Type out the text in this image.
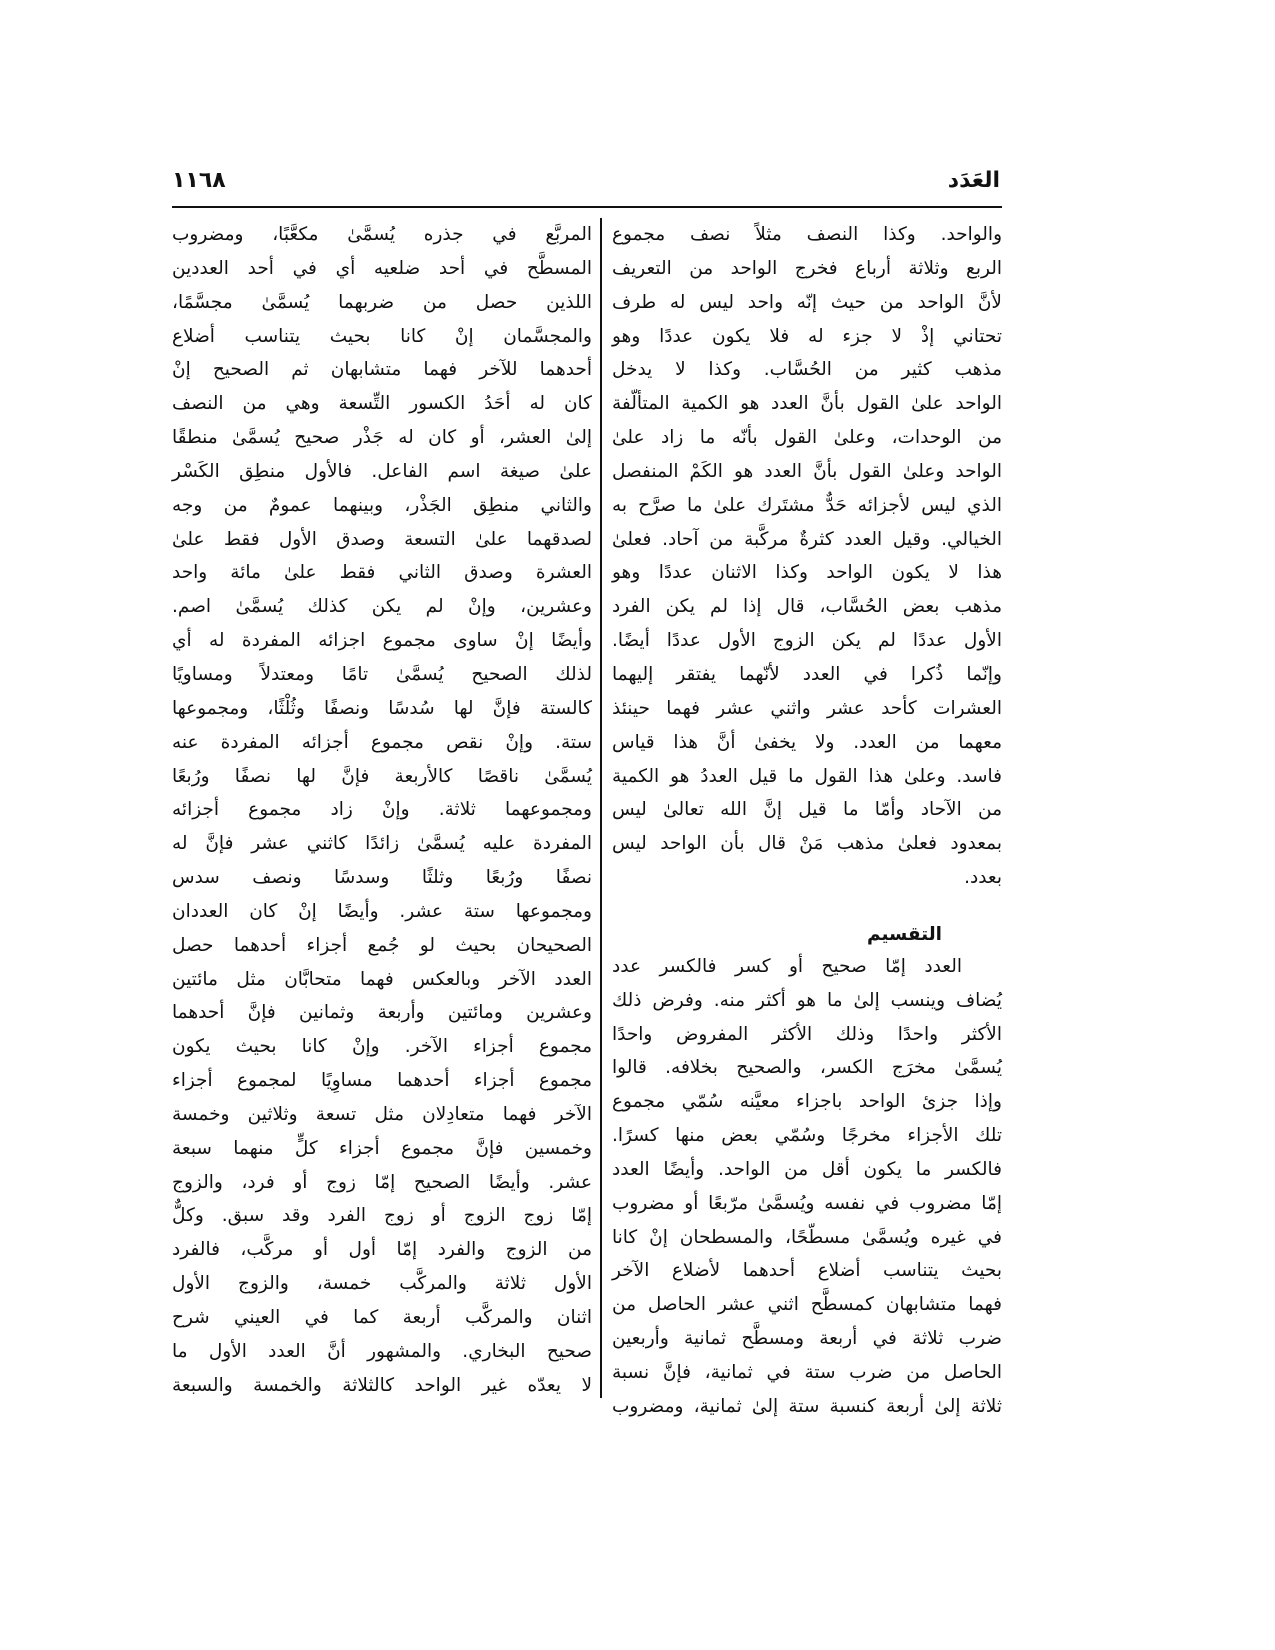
العَدَد
١١٦٨
والواحد. وكذا النصف مثلاً نصف مجموع
الربع وثلاثة أرباع فخرج الواحد من التعريف
لأنَّ الواحد من حيث إنّه واحد ليس له طرف
تحتاني إذْ لا جزء له فلا يكون عددًا وهو
مذهب كثير من الحُسَّاب. وكذا لا يدخل
الواحد علىٰ القول بأنَّ العدد هو الكمية المتألّفة
من الوحدات، وعلىٰ القول بأنّه ما زاد علىٰ
الواحد وعلىٰ القول بأنَّ العدد هو الكَمْ المنفصل
الذي ليس لأجزائه حَدٌّ مشتَرك علىٰ ما صرَّح به
الخيالي. وقيل العدد كثرةٌ مركَّبة من آحاد. فعلىٰ
هذا لا يكون الواحد وكذا الاثنان عددًا وهو
مذهب بعض الحُسَّاب، قال إذا لم يكن الفرد
الأول عددًا لم يكن الزوج الأول عددًا أيضًا.
وإنّما ذُكرا في العدد لأنّهما يفتقر إليهما
العشرات كأحد عشر واثني عشر فهما حينئذ
معهما من العدد. ولا يخفىٰ أنَّ هذا قياس
فاسد. وعلىٰ هذا القول ما قيل العددُ هو الكمية
من الآحاد وأمّا ما قيل إنَّ الله تعالىٰ ليس
بمعدود فعلىٰ مذهب مَنْ قال بأن الواحد ليس
بعدد.
التقسيم
العدد إمّا صحيح أو كسر فالكسر عدد
يُضاف وينسب إلىٰ ما هو أكثر منه. وفرض ذلك
الأكثر واحدًا وذلك الأكثر المفروض واحدًا
يُسمَّىٰ مخرَج الكسر، والصحيح بخلافه. قالوا
وإذا جزئ الواحد باجزاء معيَّنه سُمّي مجموع
تلك الأجزاء مخرجًا وسُمّي بعض منها كسرًا.
فالكسر ما يكون أقل من الواحد. وأيضًا العدد
إمّا مضروب في نفسه ويُسمَّىٰ مرّبعًا أو مضروب
في غيره ويُسمَّىٰ مسطّحًا، والمسطحان إنْ كانا
بحيث يتناسب أضلاع أحدهما لأضلاع الآخر
فهما متشابهان كمسطَّح اثني عشر الحاصل من
ضرب ثلاثة في أربعة ومسطَّح ثمانية وأربعين
الحاصل من ضرب ستة في ثمانية، فإنَّ نسبة
ثلاثة إلىٰ أربعة كنسبة ستة إلىٰ ثمانية، ومضروب
المربَّع في جذره يُسمَّىٰ مكعَّبًا، ومضروب
المسطَّح في أحد ضلعيه أي في أحد العددين
اللذين حصل من ضربهما يُسمَّىٰ مجسَّمًا،
والمجسَّمان إنْ كانا بحيث يتناسب أضلاع
أحدهما للآخر فهما متشابهان ثم الصحيح إنْ
كان له أحَدُ الكسور التِّسعة وهي من النصف
إلىٰ العشر، أو كان له جَذْر صحيح يُسمَّىٰ منطقًا
علىٰ صيغة اسم الفاعل. فالأول منطِق الكَسْر
والثاني منطِق الجَذْر، وبينهما عمومٌ من وجه
لصدقهما علىٰ التسعة وصدق الأول فقط علىٰ
العشرة وصدق الثاني فقط علىٰ مائة واحد
وعشرين، وإنْ لم يكن كذلك يُسمَّىٰ اصم.
وأيضًا إنْ ساوى مجموع اجزائه المفردة له أي
لذلك الصحيح يُسمَّىٰ تامًا ومعتدلاً ومساويًا
كالستة فإنَّ لها سُدسًا ونصفًا وثُلْثًا، ومجموعها
ستة. وإنْ نقص مجموع أجزائه المفردة عنه
يُسمَّىٰ ناقصًا كالأربعة فإنَّ لها نصفًا ورُبعًا
ومجموعهما ثلاثة. وإنْ زاد مجموع أجزائه
المفردة عليه يُسمَّىٰ زائدًا كاثني عشر فإنَّ له
نصفًا ورُبعًا وثلثًا وسدسًا ونصف سدس
ومجموعها ستة عشر. وأيضًا إنْ كان العددان
الصحيحان بحيث لو جُمع أجزاء أحدهما حصل
العدد الآخر وبالعكس فهما متحابَّان مثل مائتين
وعشرين ومائتين وأربعة وثمانين فإنَّ أحدهما
مجموع أجزاء الآخر. وإنْ كانا بحيث يكون
مجموع أجزاء أحدهما مساوِيًا لمجموع أجزاء
الآخر فهما متعادِلان مثل تسعة وثلاثين وخمسة
وخمسين فإنَّ مجموع أجزاء كلٍّ منهما سبعة
عشر. وأيضًا الصحيح إمّا زوج أو فرد، والزوج
إمّا زوج الزوج أو زوج الفرد وقد سبق. وكلٌّ
من الزوج والفرد إمّا أول أو مركَّب، فالفرد
الأول ثلاثة والمركَّب خمسة، والزوج الأول
اثنان والمركَّب أربعة كما في العيني شرح
صحيح البخاري. والمشهور أنَّ العدد الأول ما
لا يعدّه غير الواحد كالثلاثة والخمسة والسبعة
